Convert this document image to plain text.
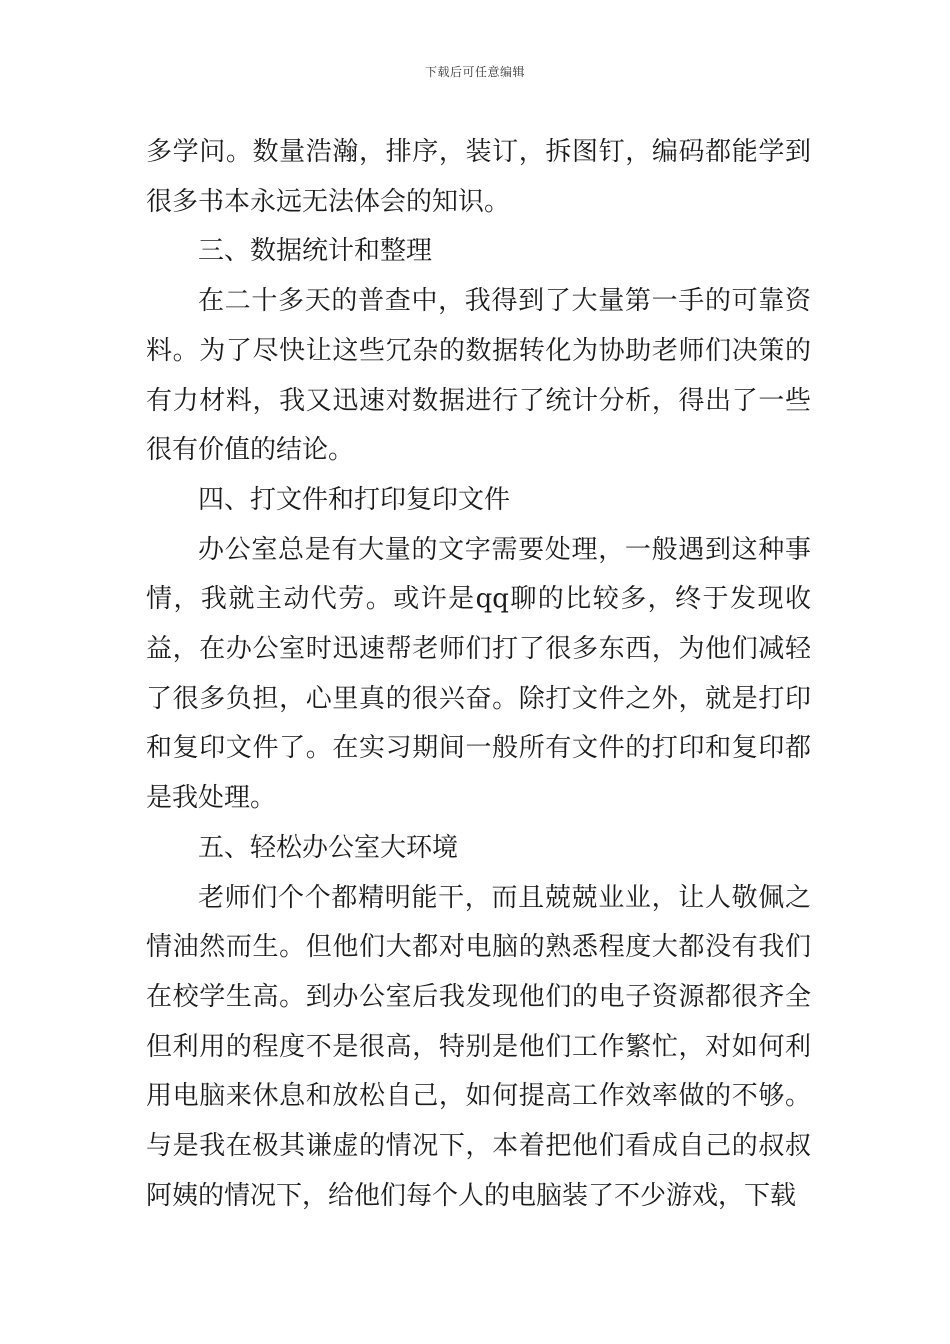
下载后可任意编辑

多学问。数量浩瀚，排序，装订，拆图钉，编码都能学到很多书本永远无法体会的知识。

三、数据统计和整理

在二十多天的普查中，我得到了大量第一手的可靠资料。为了尽快让这些冗杂的数据转化为协助老师们决策的有力材料，我又迅速对数据进行了统计分析，得出了一些很有价值的结论。

四、打文件和打印复印文件

办公室总是有大量的文字需要处理，一般遇到这种事情，我就主动代劳。或许是qq聊的比较多，终于发现收益，在办公室时迅速帮老师们打了很多东西，为他们减轻了很多负担，心里真的很兴奋。除打文件之外，就是打印和复印文件了。在实习期间一般所有文件的打印和复印都是我处理。

五、轻松办公室大环境

老师们个个都精明能干，而且兢兢业业，让人敬佩之情油然而生。但他们大都对电脑的熟悉程度大都没有我们在校学生高。到办公室后我发现他们的电子资源都很齐全但利用的程度不是很高，特别是他们工作繁忙，对如何利用电脑来休息和放松自己，如何提高工作效率做的不够。与是我在极其谦虚的情况下，本着把他们看成自己的叔叔阿姨的情况下，给他们每个人的电脑装了不少游戏，下载
